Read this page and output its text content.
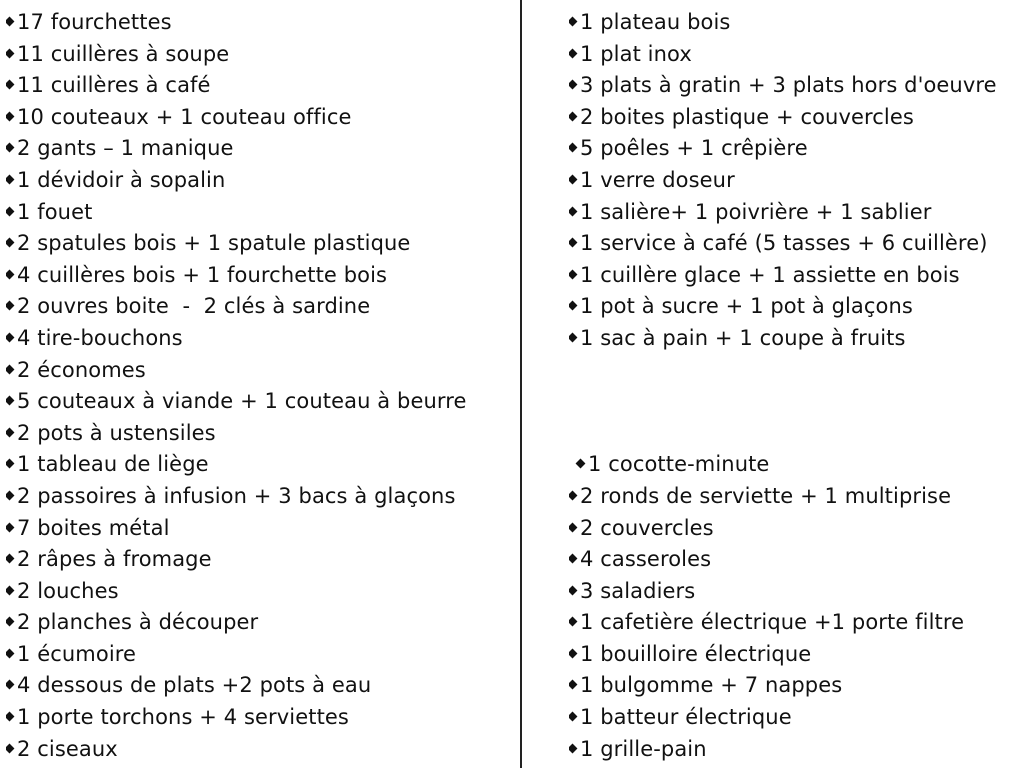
17 fourchettes
11 cuillères à soupe
11 cuillères à café
10 couteaux + 1 couteau office
2 gants – 1 manique
1 dévidoir à sopalin
1 fouet
2 spatules bois + 1 spatule plastique
4 cuillères bois + 1 fourchette bois
2 ouvres boite  -  2 clés à sardine
4 tire-bouchons
2 économes
5 couteaux à viande + 1 couteau à beurre
2 pots à ustensiles
1 tableau de liège
2 passoires à infusion + 3 bacs à glaçons
7 boites métal
2 râpes à fromage
2 louches
2 planches à découper
1 écumoire
4 dessous de plats +2 pots à eau
1 porte torchons + 4 serviettes
2 ciseaux
1 plateau bois
1 plat inox
3 plats à gratin + 3 plats hors d'oeuvre
2 boites plastique + couvercles
5 poêles + 1 crêpière
1 verre doseur
1 salière+ 1 poivrière + 1 sablier
1 service à café (5 tasses + 6 cuillère)
1 cuillère glace + 1 assiette en bois
1 pot à sucre + 1 pot à glaçons
1 sac à pain + 1 coupe à fruits
1 cocotte-minute
2 ronds de serviette + 1 multiprise
2 couvercles
4 casseroles
3 saladiers
1 cafetière électrique +1 porte filtre
1 bouilloire électrique
1 bulgomme + 7 nappes
1 batteur électrique
1 grille-pain
